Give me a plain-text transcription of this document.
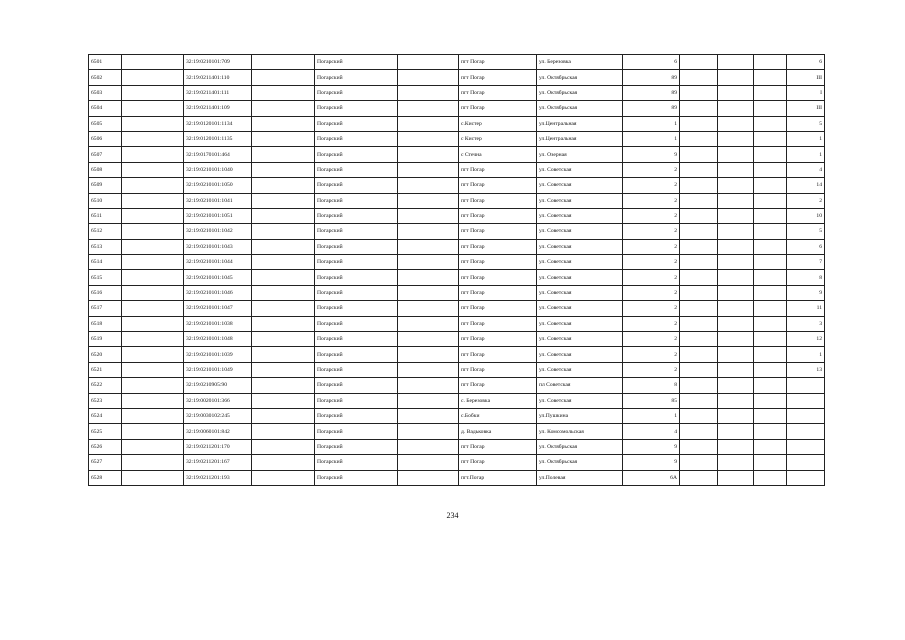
6501		32:19:0210101:709		Погарский		пгт Погар	ул. Березовка	6				6
6502		32:19:0211401:110		Погарский		пгт Погар	ул. Октябрьская	89				III
6503		32:19:0211401:111		Погарский		пгт Погар	ул. Октябрьская	89				I
6504		32:19:0211401:109		Погарский		пгт Погар	ул. Октябрьская	89				III
6505		32:19:0120101:1134		Погарский		с.Кистер	ул.Центральная	1				5
6506		32:19:0120101:1135		Погарский		с Кистер	ул.Центральная	1				1
6507		32:19:0170101:464		Погарский		с Стечна	ул. Озерная	9				1
6508		32:19:0210101:1040		Погарский		пгт Погар	ул. Советская	2				4
6509		32:19:0210101:1050		Погарский		пгт Погар	ул. Советская	2				14
6510		32:19:0210101:1041		Погарский		пгт Погар	ул. Советская	2				2
6511		32:19:0210101:1051		Погарский		пгт Погар	ул. Советская	2				10
6512		32:19:0210101:1042		Погарский		пгт Погар	ул. Советская	2				5
6513		32:19:0210101:1043		Погарский		пгт Погар	ул. Советская	2				6
6514		32:19:0210101:1044		Погарский		пгт Погар	ул. Советская	2				7
6515		32:19:0210101:1045		Погарский		пгт Погар	ул. Советская	2				8
6516		32:19:0210101:1046		Погарский		пгт Погар	ул. Советская	2				9
6517		32:19:0210101:1047		Погарский		пгт Погар	ул. Советская	2				11
6518		32:19:0210101:1038		Погарский		пгт Погар	ул. Советская	2				3
6519		32:19:0210101:1048		Погарский		пгт Погар	ул. Советская	2				12
6520		32:19:0210101:1039		Погарский		пгт Погар	ул. Советская	2				1
6521		32:19:0210101:1049		Погарский		пгт Погар	ул. Советская	2				13
6522		32:19:0210905:90		Погарский		пгт Погар	пл Советская	8				
6523		32:19:0020101:366		Погарский		с. Березовка	ул. Советская	85				
6524		32:19:0030102:245		Погарский		с.Бобки	ул.Пушкина	1				
6525		32:19:0060101:842		Погарский		д. Вадьковка	ул. Комсомольская	4				
6526		32:19:0211201:170		Погарский		пгт Погар	ул. Октябрьская	9				
6527		32:19:0211201:167		Погарский		пгт Погар	ул. Октябрьская	9				
6528		32:19:0211201:193		Погарский		пгт.Погар	ул.Полевая	6А				
234
